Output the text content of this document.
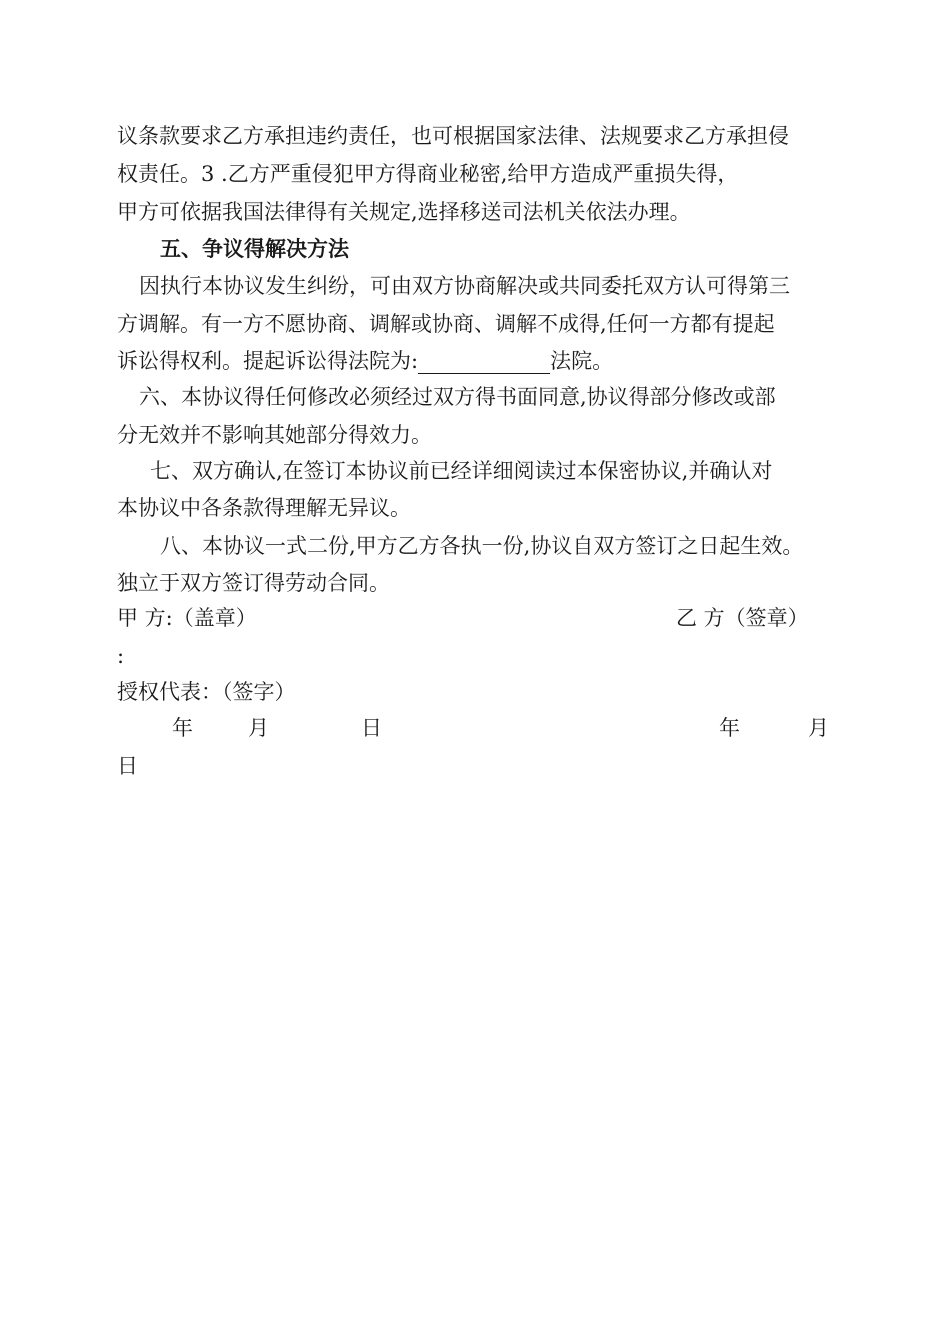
议条款要求乙方承担违约责任，也可根据国家法律、法规要求乙方承担侵
权责任。3 ﻿.乙方严重侵犯甲方得商业秘密,给甲方造成严重损失得，
甲方可依据我国法律得有关规定,选择移送司法机关依法办理。
五、争议得解决方法
因执行本协议发生纠纷，可由双方协商解决或共同委托双方认可得第三
方调解。有一方不愿协商、调解或协商、调解不成得,任何一方都有提起
诉讼得权利。提起诉讼得法院为:	法院。
六、本协议得任何修改必须经过双方得书面同意,协议得部分修改或部
分无效并不影响其她部分得效力。
七、双方确认,在签订本协议前已经详细阅读过本保密协议,并确认对
本协议中各条款得理解无异议。
八、本协议一式二份,甲方乙方各执一份,协议自双方签订之日起生效。
独立于双方签订得劳动合同。﻿
甲 方:（盖章）	乙 方（签章）
:
授权代表：（签字）
年	月	日	年	月
日
